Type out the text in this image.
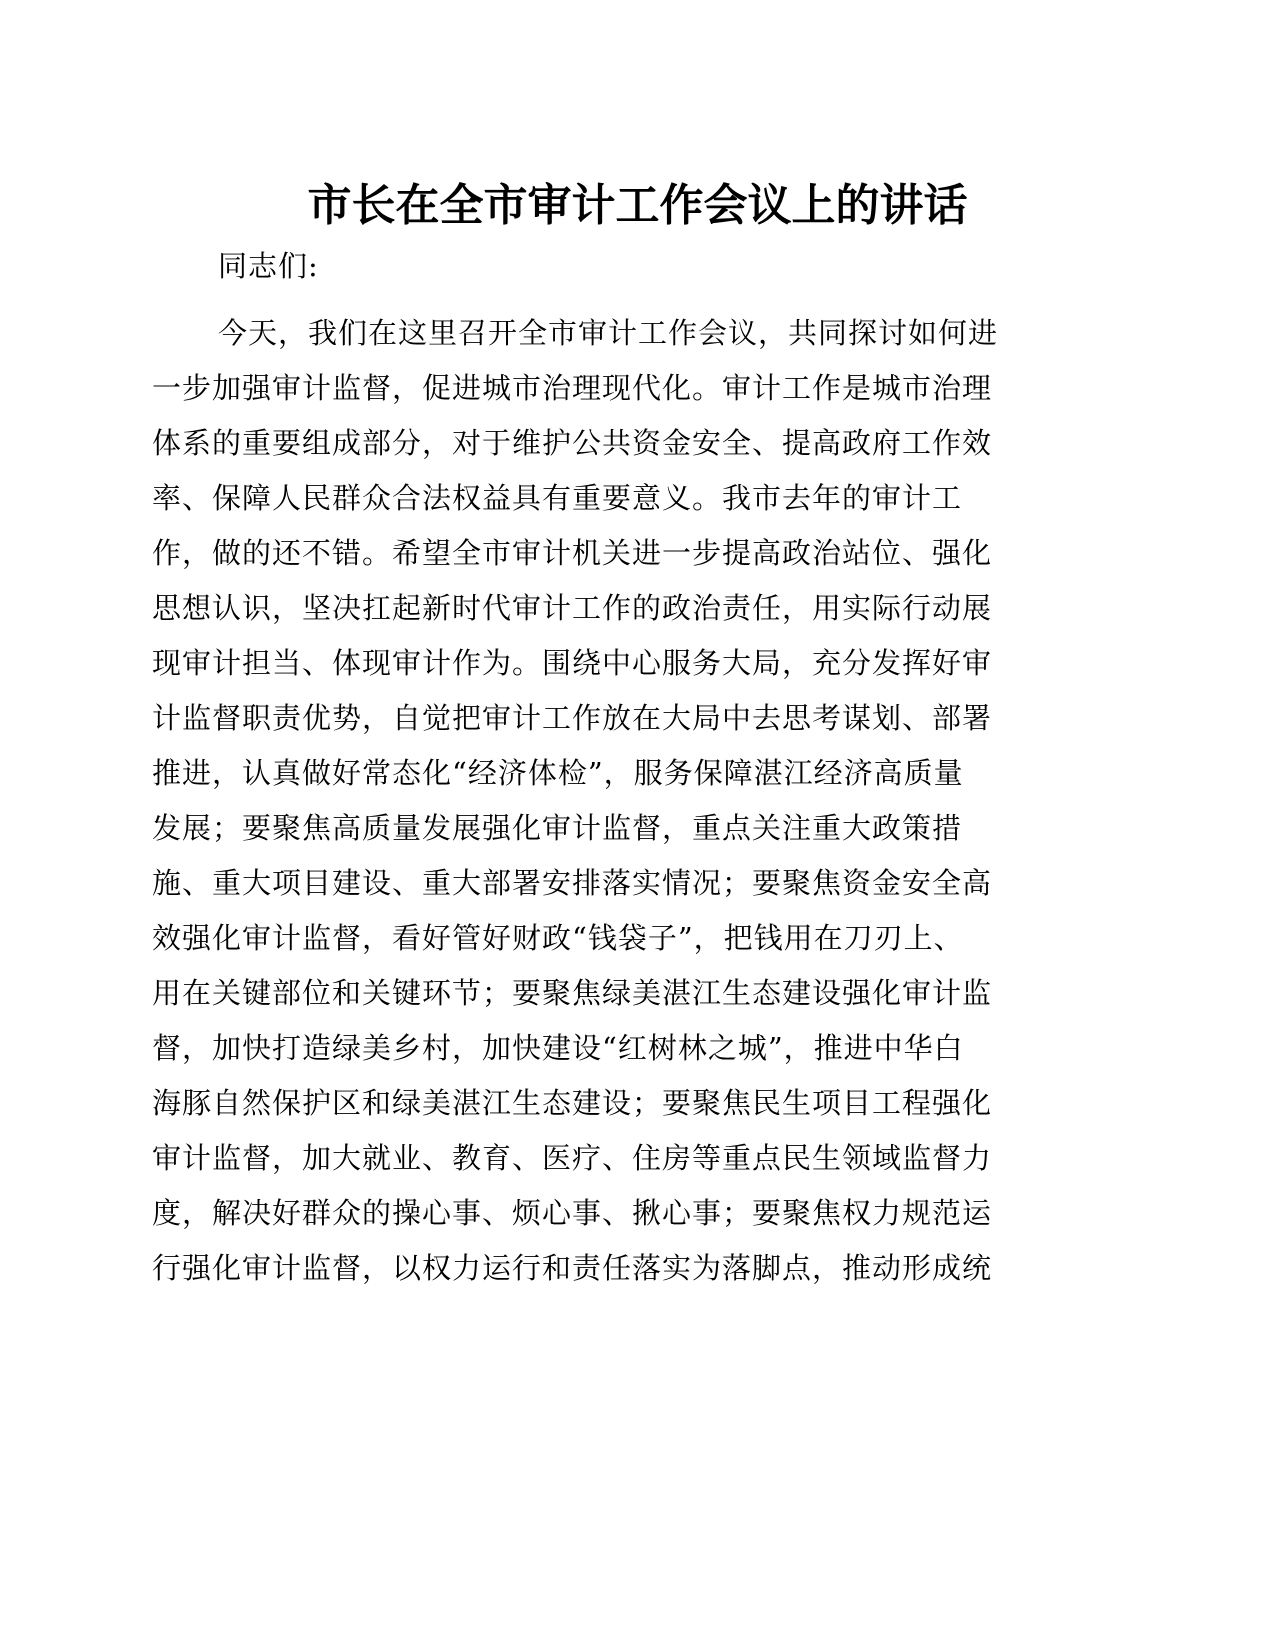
市长在全市审计工作会议上的讲话
同志们:
今天，我们在这里召开全市审计工作会议，共同探讨如何进
一步加强审计监督，促进城市治理现代化。审计工作是城市治理
体系的重要组成部分，对于维护公共资金安全、提高政府工作效
率、保障人民群众合法权益具有重要意义。我市去年的审计工
作，做的还不错。希望全市审计机关进一步提高政治站位、强化
思想认识，坚决扛起新时代审计工作的政治责任，用实际行动展
现审计担当、体现审计作为。围绕中心服务大局，充分发挥好审
计监督职责优势，自觉把审计工作放在大局中去思考谋划、部署
推进，认真做好常态化“经济体检”，服务保障湛江经济高质量
发展；要聚焦高质量发展强化审计监督，重点关注重大政策措
施、重大项目建设、重大部署安排落实情况；要聚焦资金安全高
效强化审计监督，看好管好财政“钱袋子”，把钱用在刀刃上、
用在关键部位和关键环节；要聚焦绿美湛江生态建设强化审计监
督，加快打造绿美乡村，加快建设“红树林之城”，推进中华白
海豚自然保护区和绿美湛江生态建设；要聚焦民生项目工程强化
审计监督，加大就业、教育、医疗、住房等重点民生领域监督力
度，解决好群众的操心事、烦心事、揪心事；要聚焦权力规范运
行强化审计监督，以权力运行和责任落实为落脚点，推动形成统
